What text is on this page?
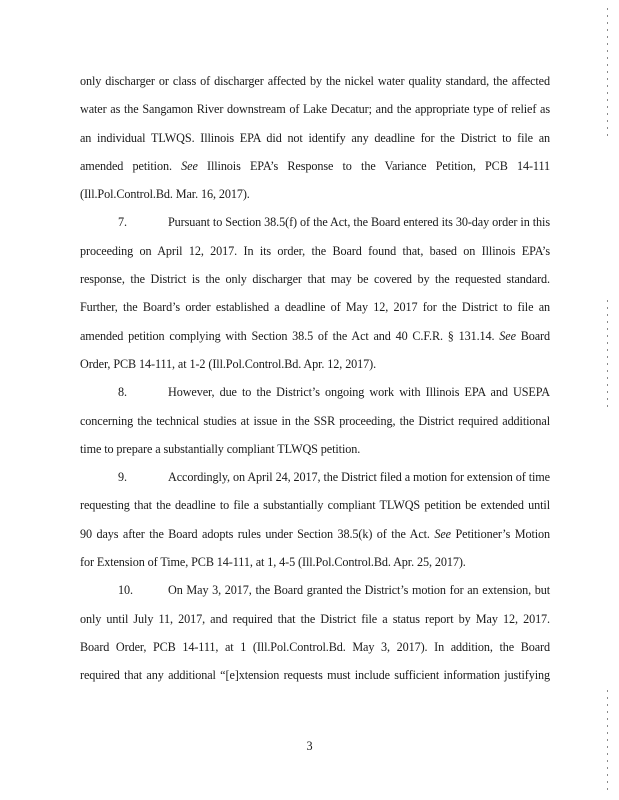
only discharger or class of discharger affected by the nickel water quality standard, the affected
water as the Sangamon River downstream of Lake Decatur; and the appropriate type of relief as
an individual TLWQS. Illinois EPA did not identify any deadline for the District to file an
amended petition. See Illinois EPA’s Response to the Variance Petition, PCB 14-111
(Ill.Pol.Control.Bd. Mar. 16, 2017).
7.	Pursuant to Section 38.5(f) of the Act, the Board entered its 30-day order in this
proceeding on April 12, 2017. In its order, the Board found that, based on Illinois EPA’s
response, the District is the only discharger that may be covered by the requested standard.
Further, the Board’s order established a deadline of May 12, 2017 for the District to file an
amended petition complying with Section 38.5 of the Act and 40 C.F.R. § 131.14. See Board
Order, PCB 14-111, at 1-2 (Ill.Pol.Control.Bd. Apr. 12, 2017).
8.	However, due to the District’s ongoing work with Illinois EPA and USEPA
concerning the technical studies at issue in the SSR proceeding, the District required additional
time to prepare a substantially compliant TLWQS petition.
9.	Accordingly, on April 24, 2017, the District filed a motion for extension of time
requesting that the deadline to file a substantially compliant TLWQS petition be extended until
90 days after the Board adopts rules under Section 38.5(k) of the Act. See Petitioner’s Motion
for Extension of Time, PCB 14-111, at 1, 4-5 (Ill.Pol.Control.Bd. Apr. 25, 2017).
10.	On May 3, 2017, the Board granted the District’s motion for an extension, but
only until July 11, 2017, and required that the District file a status report by May 12, 2017.
Board Order, PCB 14-111, at 1 (Ill.Pol.Control.Bd. May 3, 2017). In addition, the Board
required that any additional “[e]xtension requests must include sufficient information justifying
3
